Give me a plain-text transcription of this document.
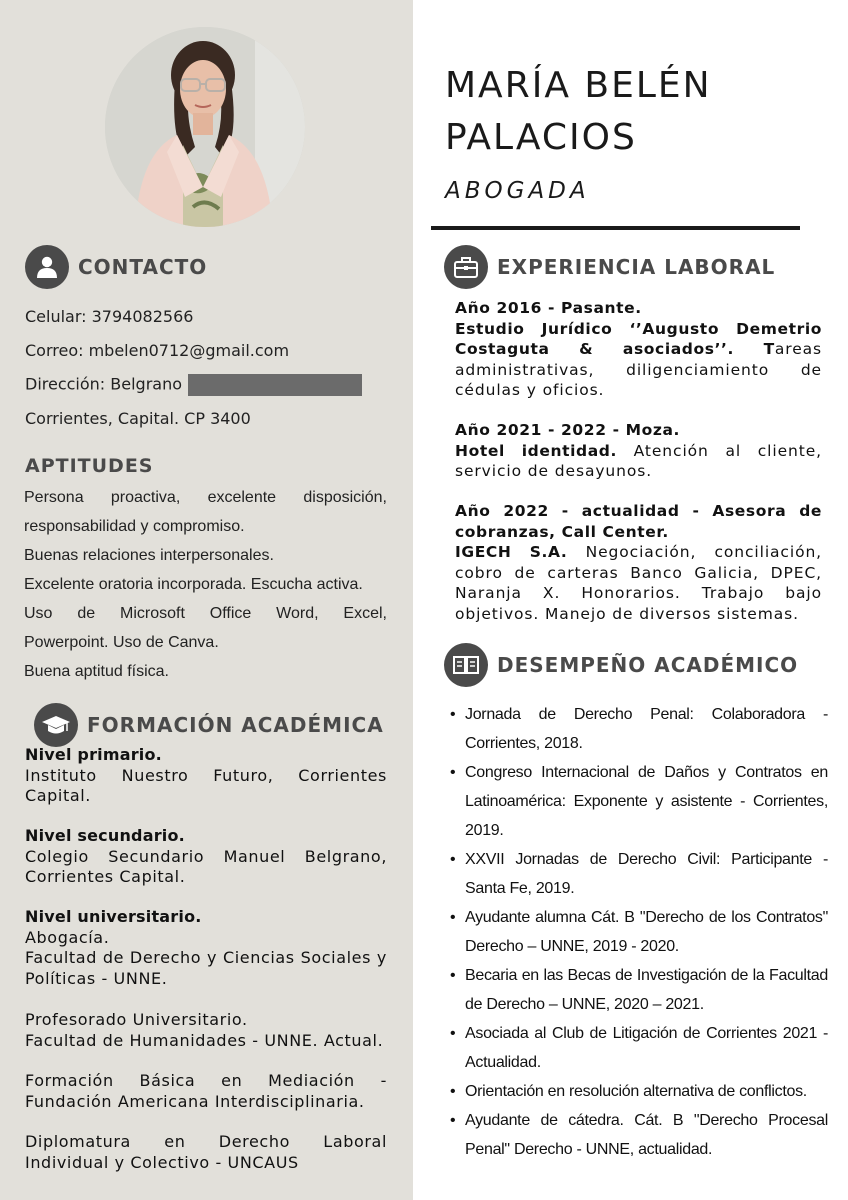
CONTACTO
Celular: 3794082566
Correo: mbelen0712@gmail.com
Dirección: Belgrano
Corrientes, Capital. CP 3400
APTITUDES
Persona proactiva, excelente disposición,
responsabilidad y compromiso.
Buenas relaciones interpersonales.
Excelente oratoria incorporada. Escucha activa.
Uso de Microsoft Office Word, Excel,
Powerpoint. Uso de Canva.
Buena aptitud física.
FORMACIÓN ACADÉMICA
Nivel primario.
Instituto Nuestro Futuro, Corrientes Capital.
Nivel secundario.
Colegio Secundario Manuel Belgrano, Corrientes Capital.
Nivel universitario.
Abogacía.
Facultad de Derecho y Ciencias Sociales y Políticas - UNNE.
Profesorado Universitario.
Facultad de Humanidades - UNNE. Actual.
Formación Básica en Mediación - Fundación Americana Interdisciplinaria.
Diplomatura en Derecho Laboral Individual y Colectivo - UNCAUS
MARÍA BELÉN
PALACIOS
ABOGADA
EXPERIENCIA LABORAL
Año 2016 - Pasante.
Estudio Jurídico ‘’Augusto Demetrio Costaguta & asociados’’. Tareas administrativas, diligenciamiento de cédulas y oficios.
Año 2021 - 2022 - Moza.
Hotel identidad. Atención al cliente, servicio de desayunos.
Año 2022 - actualidad - Asesora de cobranzas, Call Center.
IGECH S.A. Negociación, conciliación, cobro de carteras Banco Galicia, DPEC, Naranja X. Honorarios. Trabajo bajo objetivos. Manejo de diversos sistemas.
DESEMPEÑO ACADÉMICO
• Jornada de Derecho Penal: Colaboradora - Corrientes, 2018.
• Congreso Internacional de Daños y Contratos en Latinoamérica: Exponente y asistente - Corrientes, 2019.
• XXVII Jornadas de Derecho Civil: Participante - Santa Fe, 2019.
• Ayudante alumna Cát. B "Derecho de los Contratos" Derecho – UNNE, 2019 - 2020.
• Becaria en las Becas de Investigación de la Facultad de Derecho – UNNE, 2020 – 2021.
• Asociada al Club de Litigación de Corrientes 2021 - Actualidad.
• Orientación en resolución alternativa de conflictos.
• Ayudante de cátedra. Cát. B "Derecho Procesal Penal" Derecho - UNNE, actualidad.
